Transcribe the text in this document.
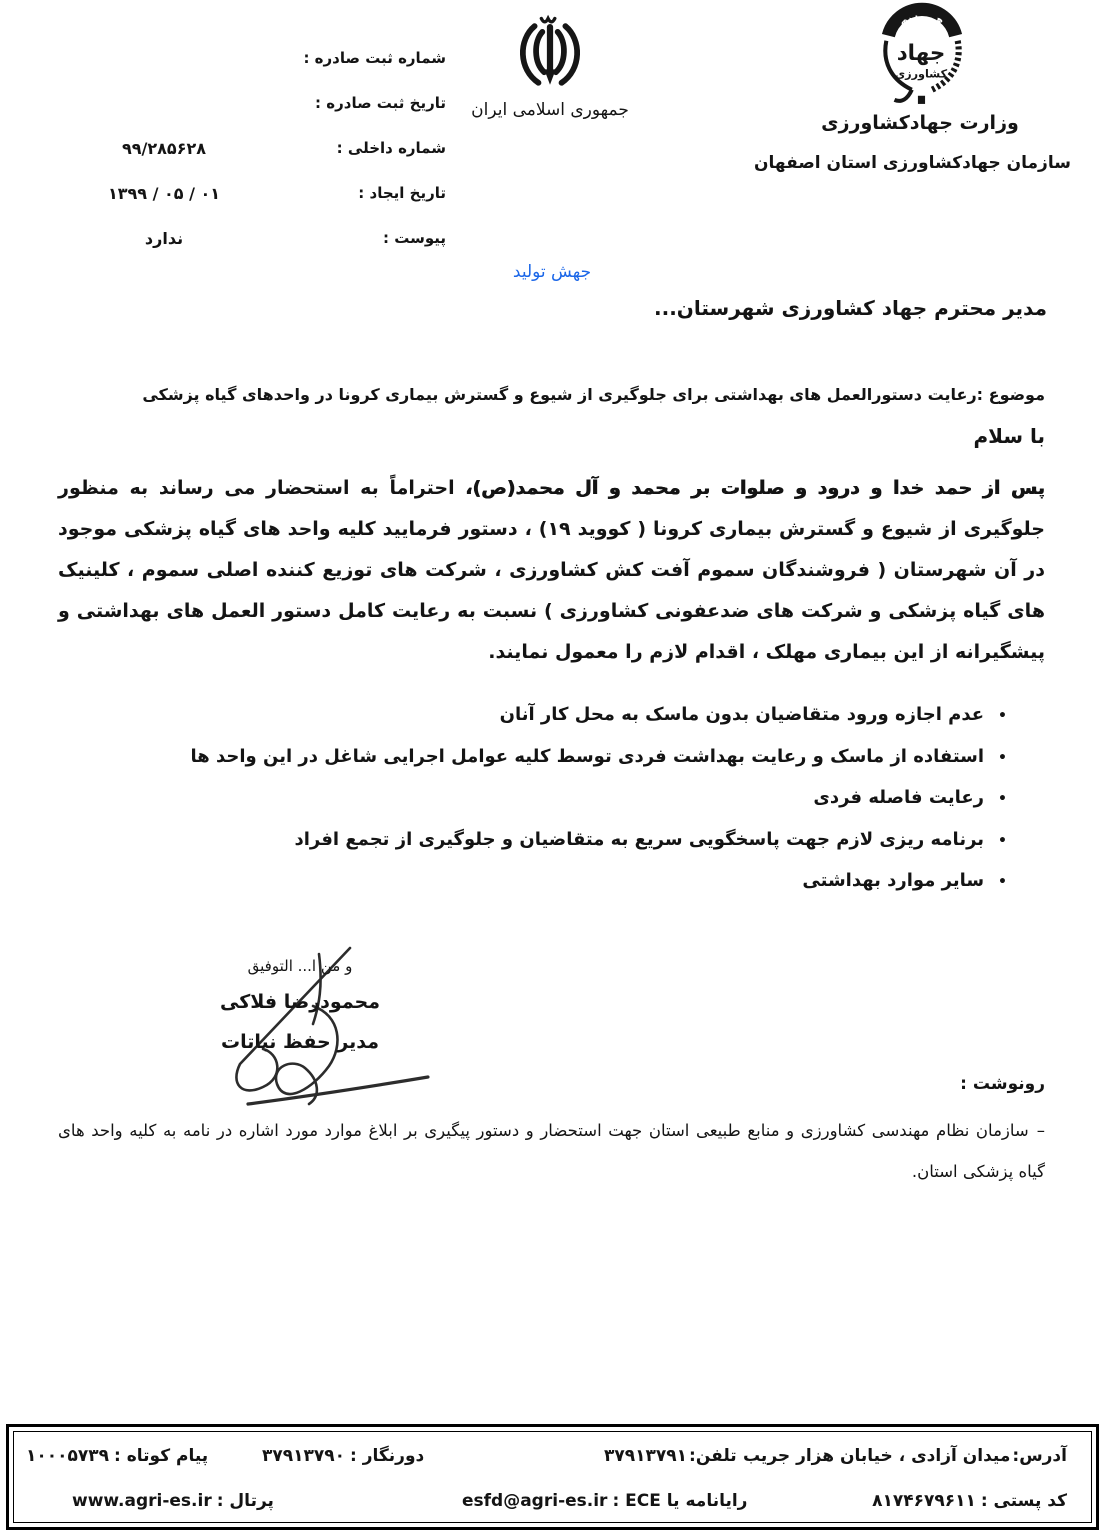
شماره ثبت صادره :
تاریخ ثبت صادره :
شماره داخلی :
تاریخ ایجاد :
پیوست :
۹۹/۲۸۵۶۲۸
۱۳۹۹ / ۰۵ / ۰۱
ندارد
جمهوری اسلامی ایران
همه باهم
جهاد
کشاورزی
وزارت جهادکشاورزی
سازمان جهادکشاورزی استان اصفهان
جهش تولید
مدیر محترم جهاد کشاورزی شهرستان...
موضوع :رعایت دستورالعمل های بهداشتی برای جلوگیری از شیوع و گسترش بیماری کرونا در واحدهای گیاه پزشکی
با سلام
پس از حمد خدا و درود و صلوات بر محمد و آل محمد(ص)، احتراماً به استحضار می رساند به منظور جلوگیری از شیوع و گسترش بیماری کرونا ( کووید ۱۹) ، دستور فرمایید کلیه واحد های گیاه پزشکی موجود در آن شهرستان ( فروشندگان سموم آفت کش کشاورزی ، شرکت های توزیع کننده اصلی سموم ، کلینیک های گیاه پزشکی و شرکت های ضدعفونی کشاورزی ) نسبت به رعایت کامل دستور العمل های بهداشتی و پیشگیرانه از این بیماری مهلک ، اقدام لازم را معمول نمایند.
•
عدم اجازه ورود متقاضیان بدون ماسک به محل کار آنان
•
استفاده از ماسک و رعایت بهداشت فردی توسط کلیه عوامل اجرایی شاغل در این واحد ها
•
رعایت فاصله فردی
•
برنامه ریزی لازم جهت پاسخگویی سریع به متقاضیان و جلوگیری از تجمع افراد
•
سایر موارد بهداشتی
و من ا... التوفیق
محمودرضا فلاکی
مدیر حفظ نباتات
رونوشت :
–سازمان نظام مهندسی کشاورزی و منابع طبیعی استان جهت استحضار و دستور پیگیری بر ابلاغ موارد مورد اشاره در نامه به کلیه واحد های گیاه پزشکی استان.
آدرس:
میدان آزادی ، خیابان هزار جریب
تلفن:
۳۷۹۱۳۷۹۱
دورنگار :
۳۷۹۱۳۷۹۰
پیام کوتاه :
۱۰۰۰۵۷۳۹
کد پستی :
۸۱۷۴۶۷۹۶۱۱
رایانامه یا ECE :
esfd@agri-es.ir
پرتال :
www.agri-es.ir
